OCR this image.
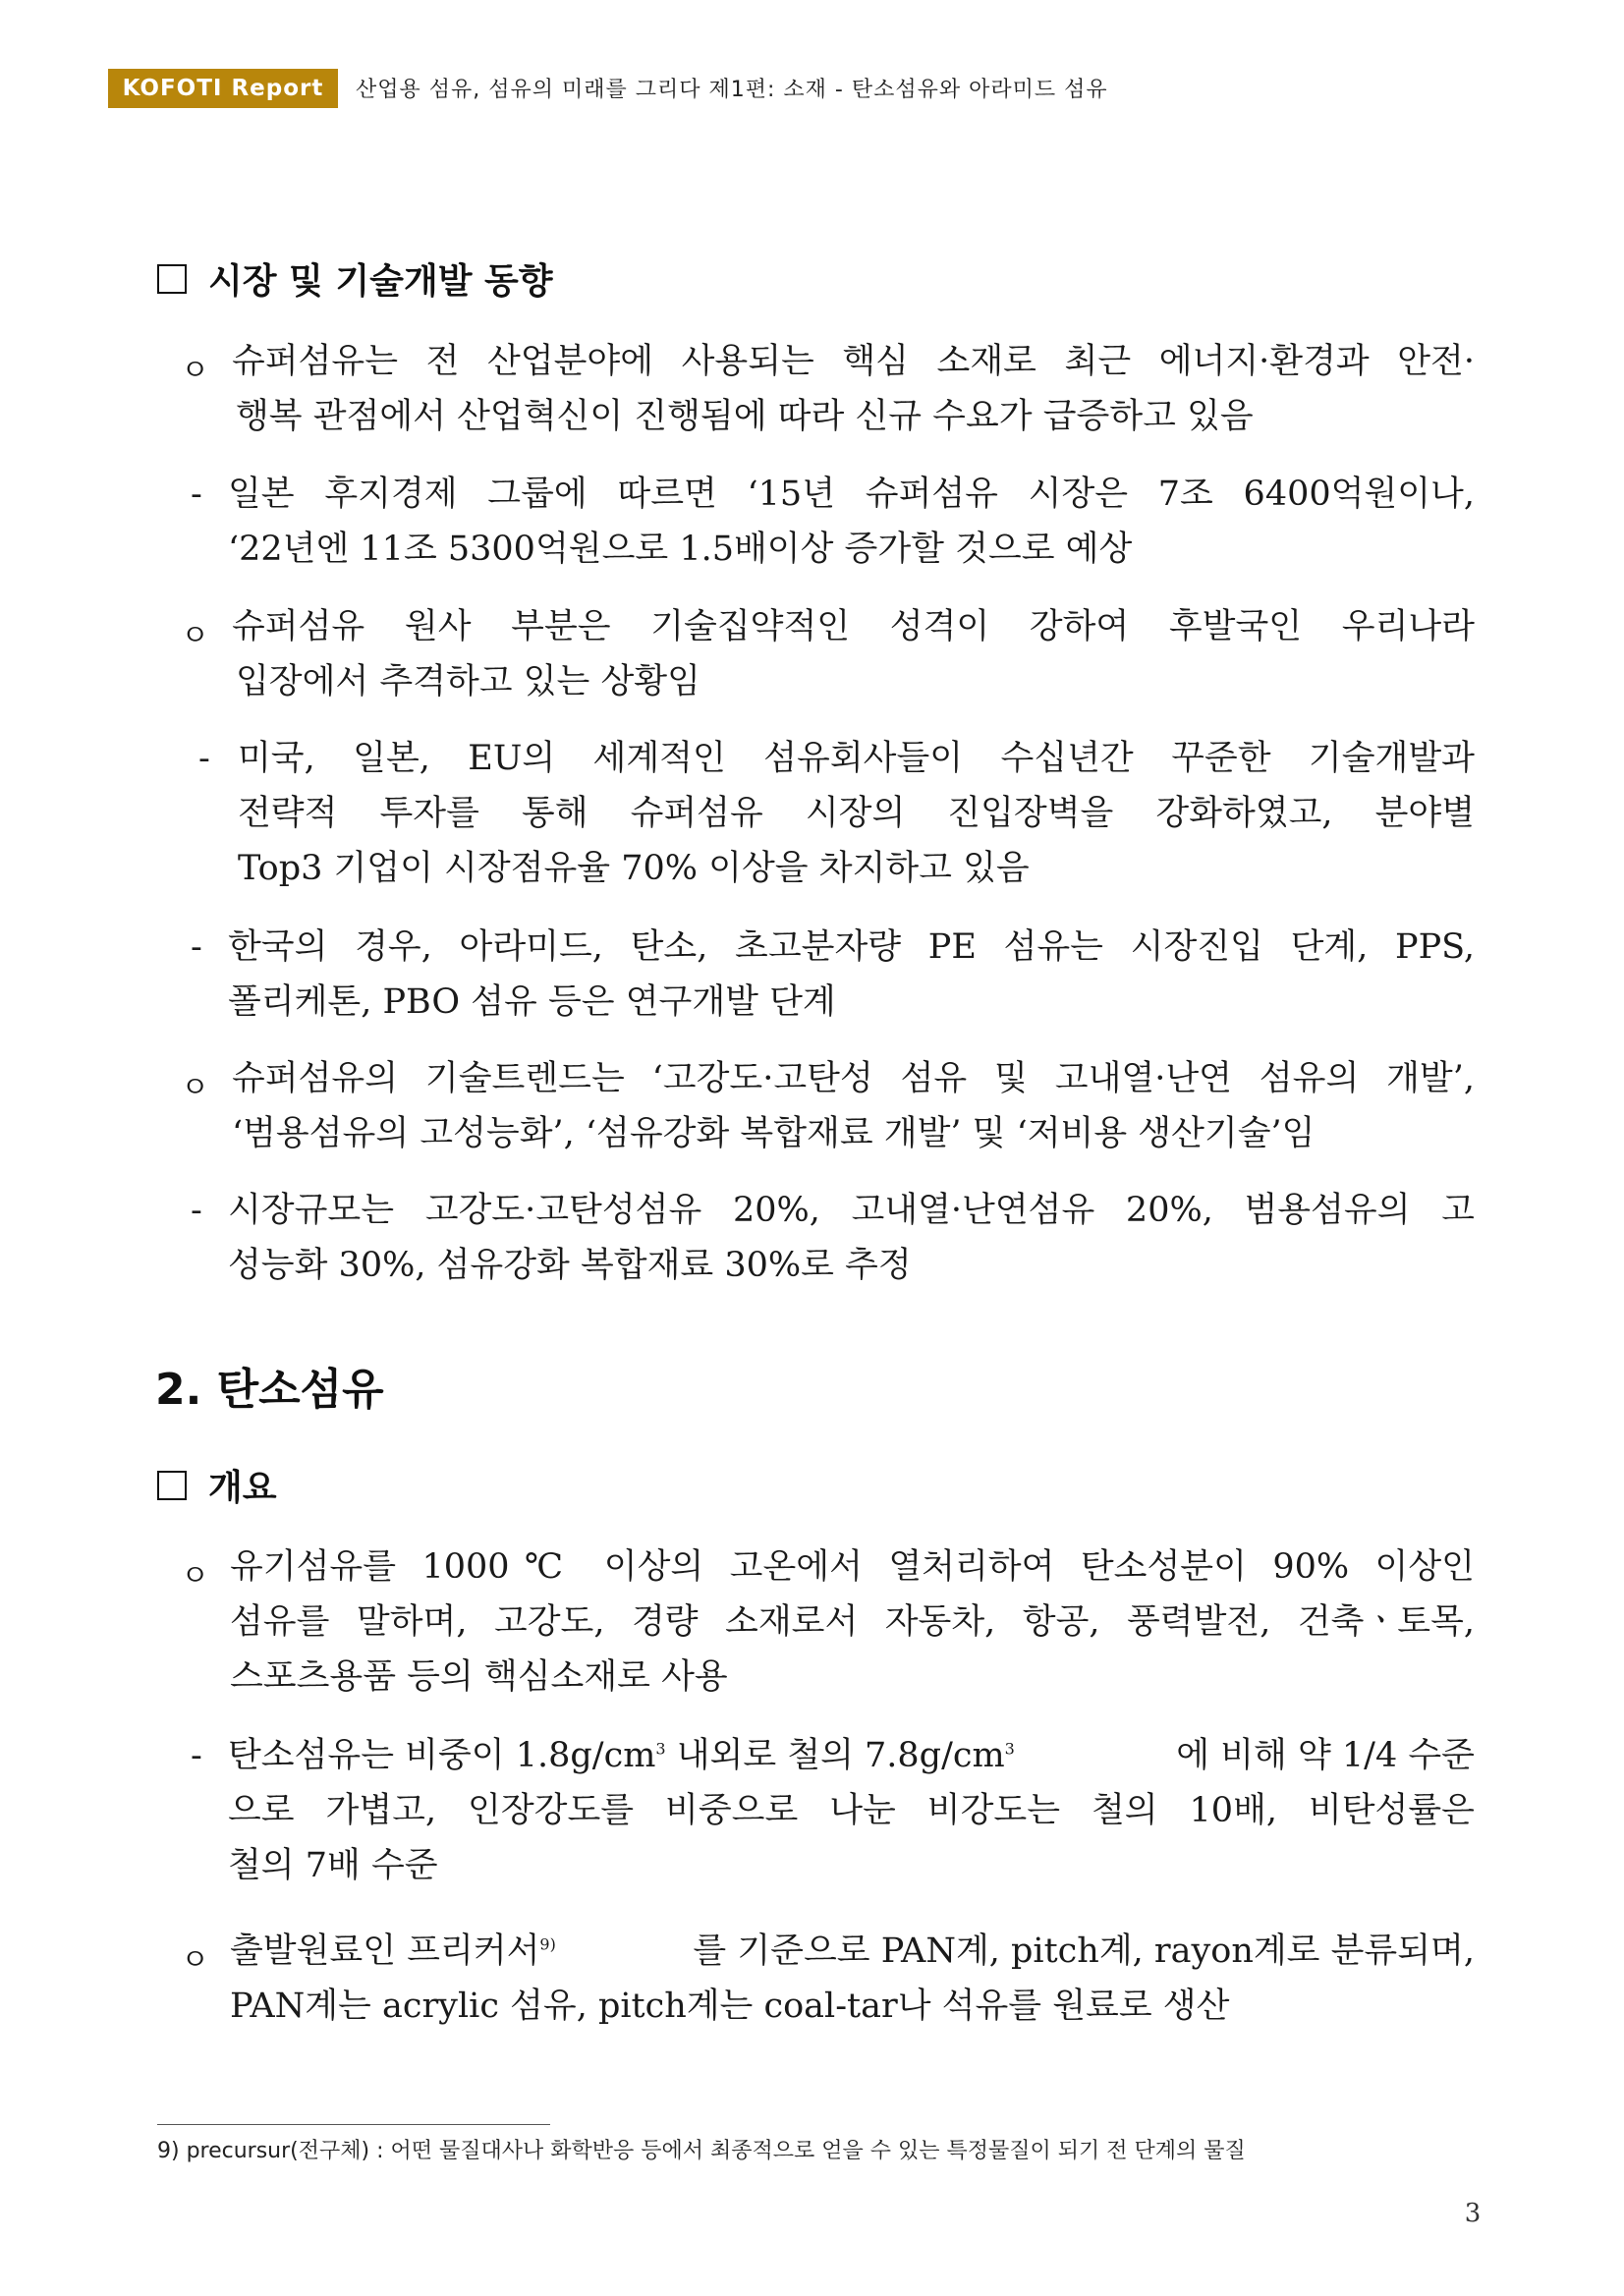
KOFOTI Report	산업용 섬유, 섬유의 미래를 그리다 제1편: 소재 - 탄소섬유와 아라미드 섬유
시장 및 기술개발 동향
ㅇ 슈퍼섬유는 전 산업분야에 사용되는 핵심 소재로 최근 에너지·환경과 안전·
행복 관점에서 산업혁신이 진행됨에 따라 신규 수요가 급증하고 있음
- 일본 후지경제 그룹에 따르면 ‘15년 슈퍼섬유 시장은 7조 6400억원이나,
‘22년엔 11조 5300억원으로 1.5배이상 증가할 것으로 예상
ㅇ 슈퍼섬유 원사 부분은 기술집약적인 성격이 강하여 후발국인 우리나라
입장에서 추격하고 있는 상황임
- 미국, 일본, EU의 세계적인 섬유회사들이 수십년간 꾸준한 기술개발과
전략적 투자를 통해 슈퍼섬유 시장의 진입장벽을 강화하였고, 분야별
Top3 기업이 시장점유율 70% 이상을 차지하고 있음
- 한국의 경우, 아라미드, 탄소, 초고분자량 PE 섬유는 시장진입 단계, PPS,
폴리케톤, PBO 섬유 등은 연구개발 단계
ㅇ 슈퍼섬유의 기술트렌드는 ‘고강도·고탄성 섬유 및 고내열·난연 섬유의 개발’,
‘범용섬유의 고성능화’, ‘섬유강화 복합재료 개발’ 및 ‘저비용 생산기술’임
- 시장규모는 고강도·고탄성섬유 20%, 고내열·난연섬유 20%, 범용섬유의 고
성능화 30%, 섬유강화 복합재료 30%로 추정
2. 탄소섬유
개요
ㅇ 유기섬유를 1000℃ 이상의 고온에서 열처리하여 탄소성분이 90% 이상인
섬유를 말하며, 고강도, 경량 소재로서 자동차, 항공, 풍력발전, 건축ㆍ토목,
스포츠용품 등의 핵심소재로 사용
- 탄소섬유는 비중이 $1.8g/cm^3$ 내외로 철의 $7.8g/cm^3$	에 비해 약 1/4 수준
으로 가볍고, 인장강도를 비중으로 나눈 비강도는 철의 10배, 비탄성률은
철의 7배 수준
ㅇ 출발원료인 프리커서$^{9)}$	를 기준으로 PAN계, pitch계, rayon계로 분류되며,
PAN계는 acrylic 섬유, pitch계는 coal-tar나 석유를 원료로 생산
9) precursur(전구체) : 어떤 물질대사나 화학반응 등에서 최종적으로 얻을 수 있는 특정물질이 되기 전 단계의 물질
3
